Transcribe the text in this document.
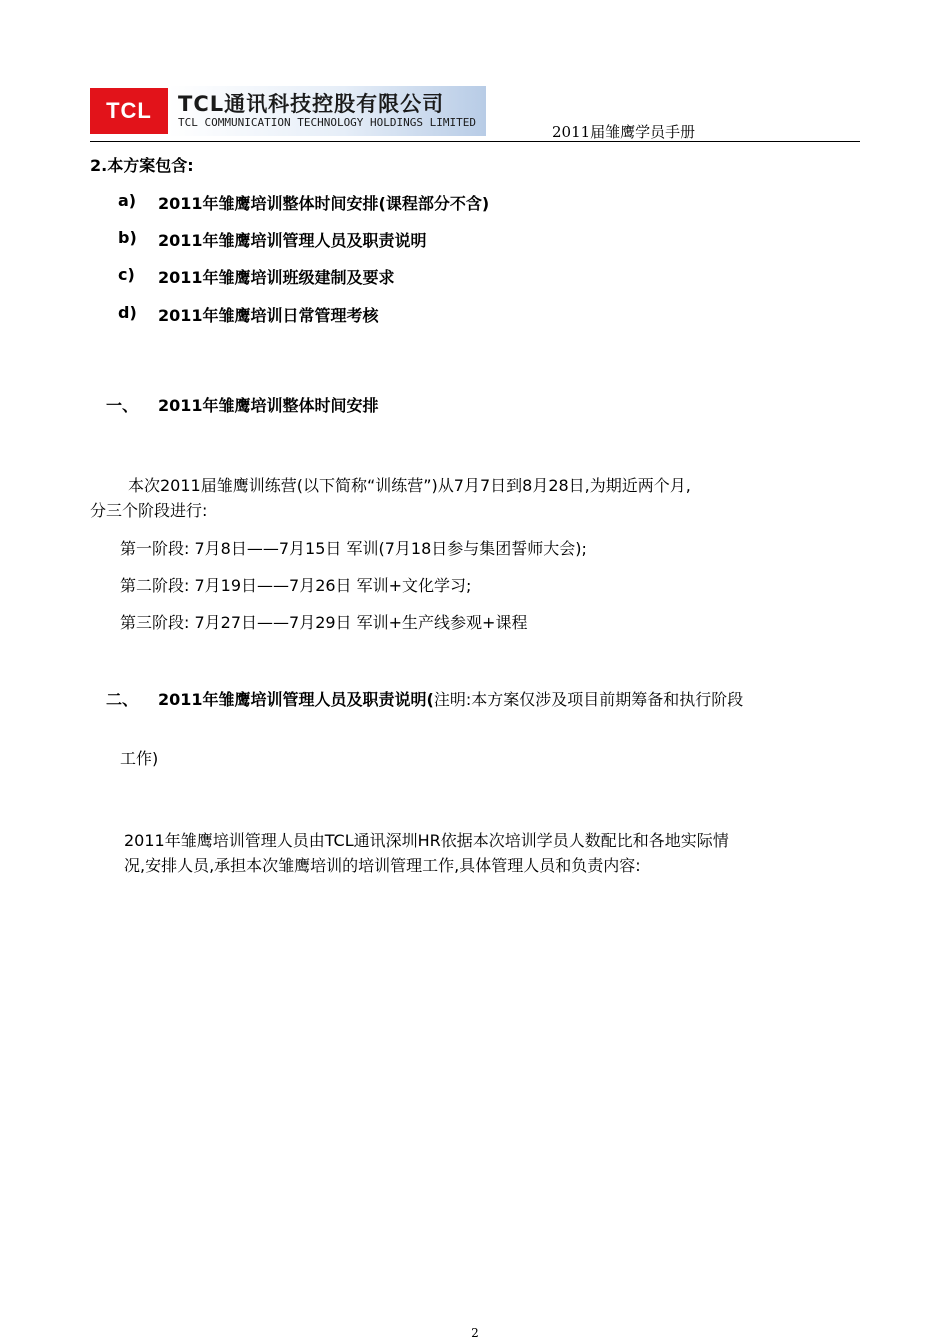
TCL TCL通讯科技控股有限公司
TCL COMMUNICATION TECHNOLOGY HOLDINGS LIMITED
2011届雏鹰学员手册
2.本方案包含:
a) 2011年雏鹰培训整体时间安排(课程部分不含)
b) 2011年雏鹰培训管理人员及职责说明
c) 2011年雏鹰培训班级建制及要求
d) 2011年雏鹰培训日常管理考核
一、 2011年雏鹰培训整体时间安排
本次2011届雏鹰训练营(以下简称“训练营”)从7月7日到8月28日,为期近两个月,
分三个阶段进行:
第一阶段: 7月8日——7月15日 军训(7月18日参与集团誓师大会);
第二阶段: 7月19日——7月26日 军训+文化学习;
第三阶段: 7月27日——7月29日 军训+生产线参观+课程
二、 2011年雏鹰培训管理人员及职责说明(注明:本方案仅涉及项目前期筹备和执行阶段
工作)
2011年雏鹰培训管理人员由TCL通讯深圳HR依据本次培训学员人数配比和各地实际情
况,安排人员,承担本次雏鹰培训的培训管理工作,具体管理人员和负责内容:
2
